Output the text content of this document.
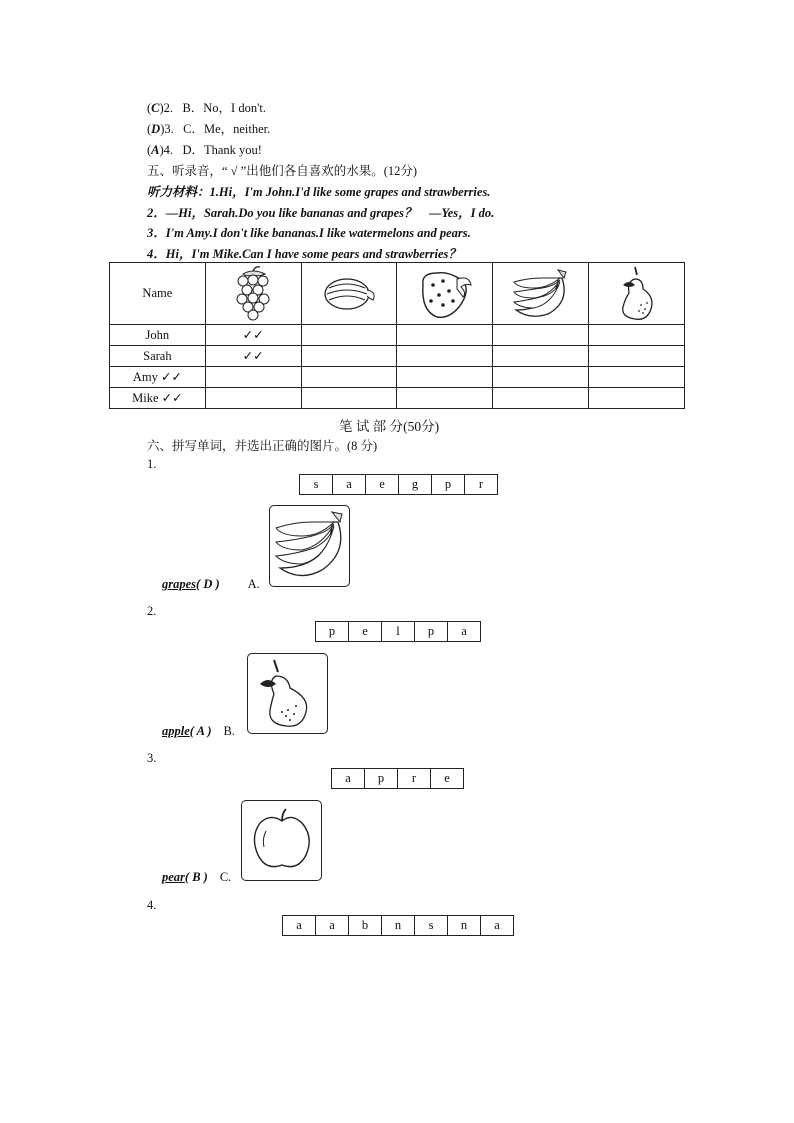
(C)2. B．No，I don't.
(D)3. C．Me，neither.
(A)4. D．Thank you!
五、听录音，“ √ ”出他们各自喜欢的水果。(12分)
听力材料：1.Hi，I'm John.I'd like some grapes and strawberries.
2．—Hi，Sarah.Do you like bananas and grapes？　—Yes，I do.
3．I'm Amy.I don't like bananas.I like watermelons and pears.
4．Hi，I'm Mike.Can I have some pears and strawberries？
Name	

John	✓✓				
Sarah	✓✓				
Amy ✓✓					
Mike ✓✓					
笔 试 部 分(50分)
六、拼写单词，并选出正确的图片。(8 分)
1.
s	a	e	g	p	r
grapes( D ) A.
2.
p	e	l	p	a
apple( A ) B.
3.
a	p	r	e
pear( B ) C.
4.
a	a	b	n	s	n	a
